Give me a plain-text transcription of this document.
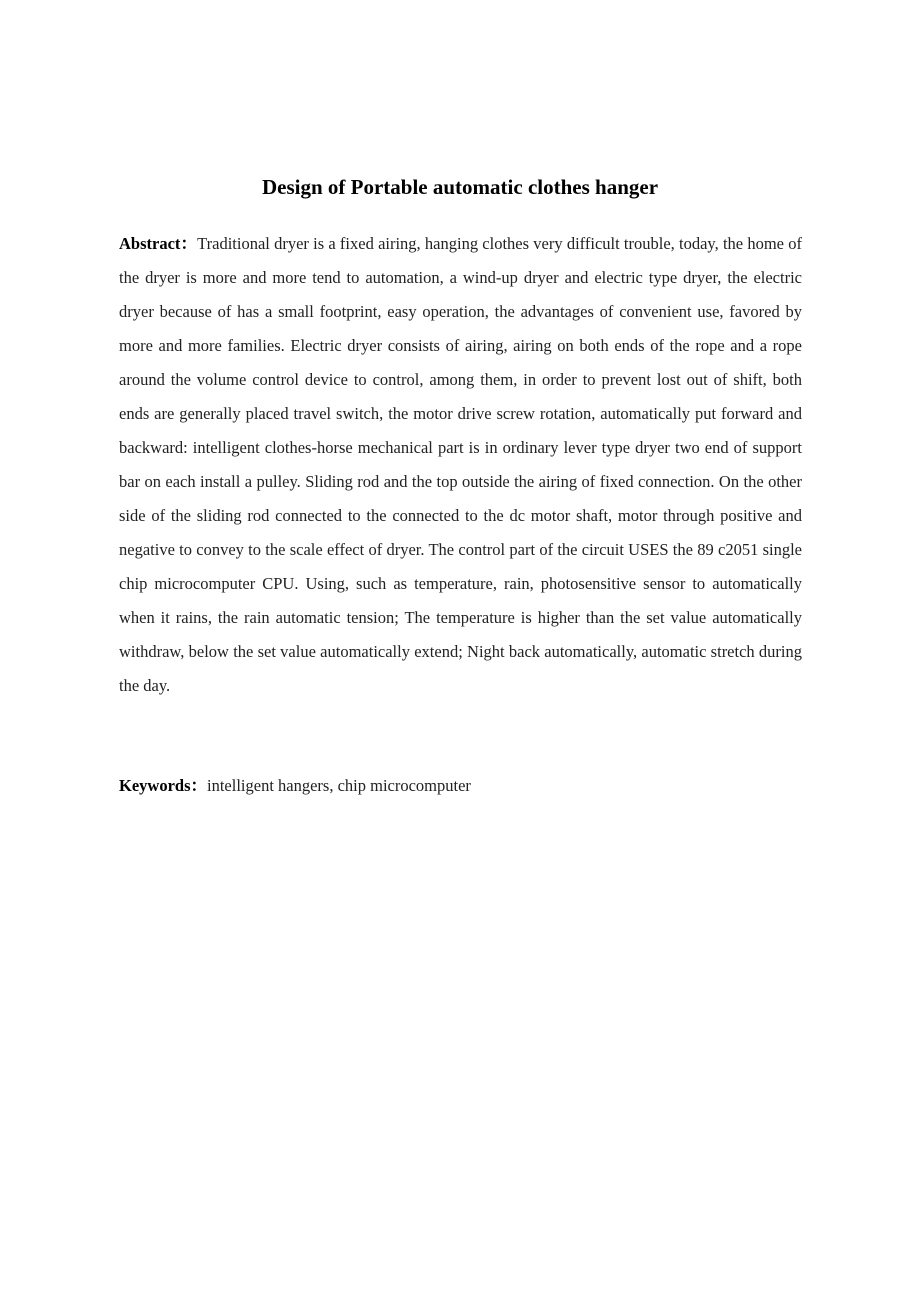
Design of Portable automatic clothes hanger
Abstract：Traditional dryer is a fixed airing, hanging clothes very difficult trouble, today, the home of the dryer is more and more tend to automation, a wind-up dryer and electric type dryer, the electric dryer because of has a small footprint, easy operation, the advantages of convenient use, favored by more and more families. Electric dryer consists of airing, airing on both ends of the rope and a rope around the volume control device to control, among them, in order to prevent lost out of shift, both ends are generally placed travel switch, the motor drive screw rotation, automatically put forward and backward: intelligent clothes-horse mechanical part is in ordinary lever type dryer two end of support bar on each install a pulley. Sliding rod and the top outside the airing of fixed connection. On the other side of the sliding rod connected to the connected to the dc motor shaft, motor through positive and negative to convey to the scale effect of dryer. The control part of the circuit USES the 89 c2051 single chip microcomputer CPU. Using, such as temperature, rain, photosensitive sensor to automatically when it rains, the rain automatic tension; The temperature is higher than the set value automatically withdraw, below the set value automatically extend; Night back automatically, automatic stretch during the day.
Keywords：intelligent hangers, chip microcomputer
